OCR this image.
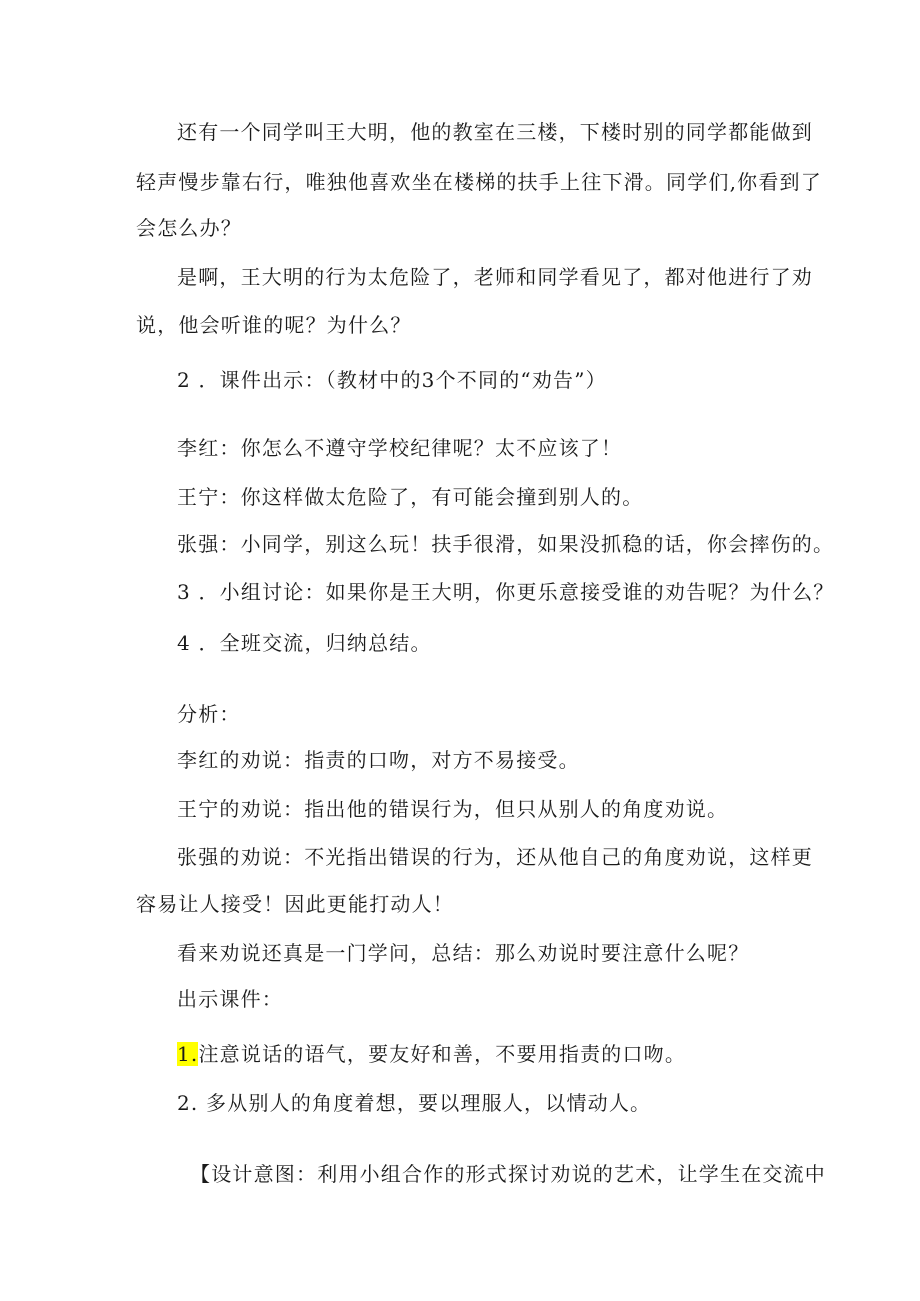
还有一个同学叫王大明，他的教室在三楼，下楼时别的同学都能做到
轻声慢步靠右行，唯独他喜欢坐在楼梯的扶手上往下滑。同学们,你看到了
会怎么办？
是啊，王大明的行为太危险了，老师和同学看见了，都对他进行了劝
说，他会听谁的呢？为什么？
2 ．课件出示：（教材中的3个不同的“劝告”）
李红：你怎么不遵守学校纪律呢？太不应该了！
王宁：你这样做太危险了，有可能会撞到别人的。
张强：小同学，别这么玩！扶手很滑，如果没抓稳的话，你会摔伤的。
3 ．小组讨论：如果你是王大明，你更乐意接受谁的劝告呢？为什么？
4 ．全班交流，归纳总结。
分析：
李红的劝说：指责的口吻，对方不易接受。
王宁的劝说：指出他的错误行为，但只从别人的角度劝说。
张强的劝说：不光指出错误的行为，还从他自己的角度劝说，这样更
容易让人接受！因此更能打动人！
看来劝说还真是一门学问，总结：那么劝说时要注意什么呢？
出示课件：
1.注意说话的语气，要友好和善，不要用指责的口吻。
2. 多从别人的角度着想，要以理服人，以情动人。
【设计意图：利用小组合作的形式探讨劝说的艺术，让学生在交流中
